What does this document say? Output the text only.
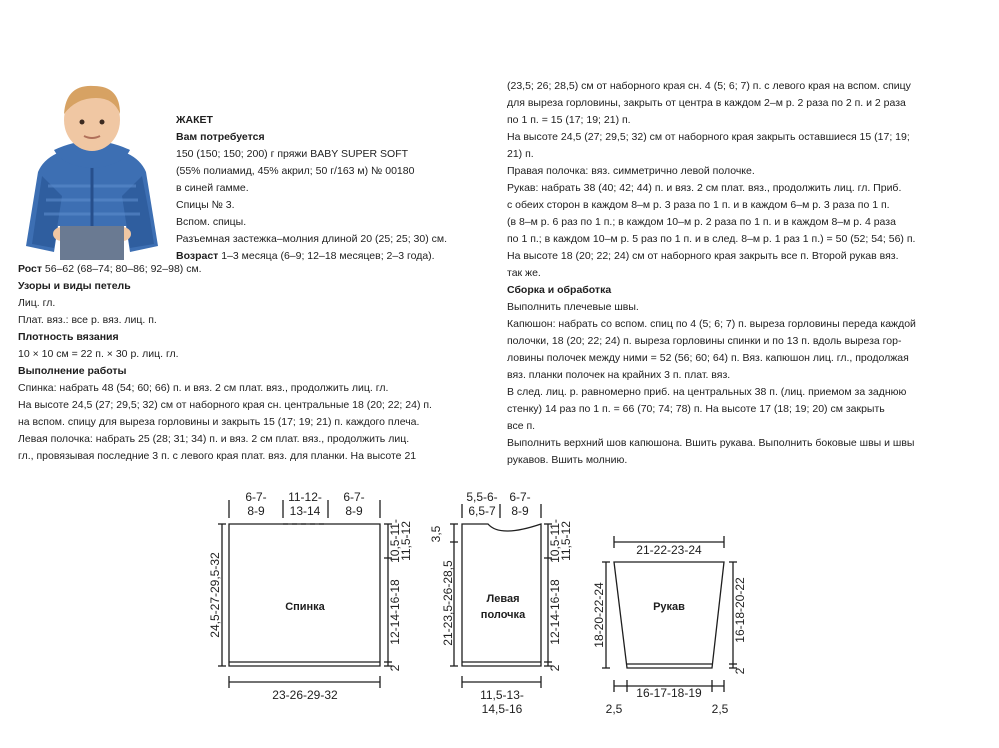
ЖАКЕТ
Вам потребуется
150 (150; 150; 200) г пряжи BABY SUPER SOFT
(55% полиамид, 45% акрил; 50 г/163 м) № 00180
в синей гамме.
Спицы № 3.
Вспом. спицы.
Разъемная застежка–молния длиной 20 (25; 25; 30) см.
Возраст 1–3 месяца (6–9; 12–18 месяцев; 2–3 года).
Рост 56–62 (68–74; 80–86; 92–98) см.
Узоры и виды петель
Лиц. гл.
Плат. вяз.: все р. вяз. лиц. п.
Плотность вязания
10 × 10 см = 22 п. × 30 р. лиц. гл.
Выполнение работы
Спинка: набрать 48 (54; 60; 66) п. и вяз. 2 см плат. вяз., продолжить лиц. гл.
На высоте 24,5 (27; 29,5; 32) см от наборного края сн. центральные 18 (20; 22; 24) п.
на вспом. спицу для выреза горловины и закрыть 15 (17; 19; 21) п. каждого плеча.
Левая полочка: набрать 25 (28; 31; 34) п. и вяз. 2 см плат. вяз., продолжить лиц.
гл., провязывая последние 3 п. с левого края плат. вяз. для планки. На высоте 21
(23,5; 26; 28,5) см от наборного края сн. 4 (5; 6; 7) п. с левого края на вспом. спицу
для выреза горловины, закрыть от центра в каждом 2–м р. 2 раза по 2 п. и 2 раза
по 1 п. = 15 (17; 19; 21) п.
На высоте 24,5 (27; 29,5; 32) см от наборного края закрыть оставшиеся 15 (17; 19;
21) п.
Правая полочка: вяз. симметрично левой полочке.
Рукав: набрать 38 (40; 42; 44) п. и вяз. 2 см плат. вяз., продолжить лиц. гл. Приб.
с обеих сторон в каждом 8–м р. 3 раза по 1 п. и в каждом 6–м р. 3 раза по 1 п.
(в 8–м р. 6 раз по 1 п.; в каждом 10–м р. 2 раза по 1 п. и в каждом 8–м р. 4 раза
по 1 п.; в каждом 10–м р. 5 раз по 1 п. и в след. 8–м р. 1 раз 1 п.) = 50 (52; 54; 56) п.
На высоте 18 (20; 22; 24) см от наборного края закрыть все п. Второй рукав вяз.
так же.
Сборка и обработка
Выполнить плечевые швы.
Капюшон: набрать со вспом. спиц по 4 (5; 6; 7) п. выреза горловины переда каждой
полочки, 18 (20; 22; 24) п. выреза горловины спинки и по 13 п. вдоль выреза гор-
ловины полочек между ними = 52 (56; 60; 64) п. Вяз. капюшон лиц. гл., продолжая
вяз. планки полочек на крайних 3 п. плат. вяз.
В след. лиц. р. равномерно приб. на центральных 38 п. (лиц. приемом за заднюю
стенку) 14 раз по 1 п. = 66 (70; 74; 78) п. На высоте 17 (18; 19; 20) см закрыть
все п.
Выполнить верхний шов капюшона. Вшить рукава. Выполнить боковые швы и швы
рукавов. Вшить молнию.
6-7-
8-9
11-12-
13-14
6-7-
8-9
Спинка
24,5-27-29,5-32	12-14-16-18
10,5-11-
11,5-12
2
23-26-29-32
5,5-6-
6,5-7
6-7-
8-9
Левая
полочка
3,5
21-23,5-26-28,5	12-14-16-18
10,5-11-
11,5-12
2
11,5-13-
14,5-16
21-22-23-24
Рукав
18-20-22-24	16-18-20-22
2
16-17-18-19
2,5	2,5
